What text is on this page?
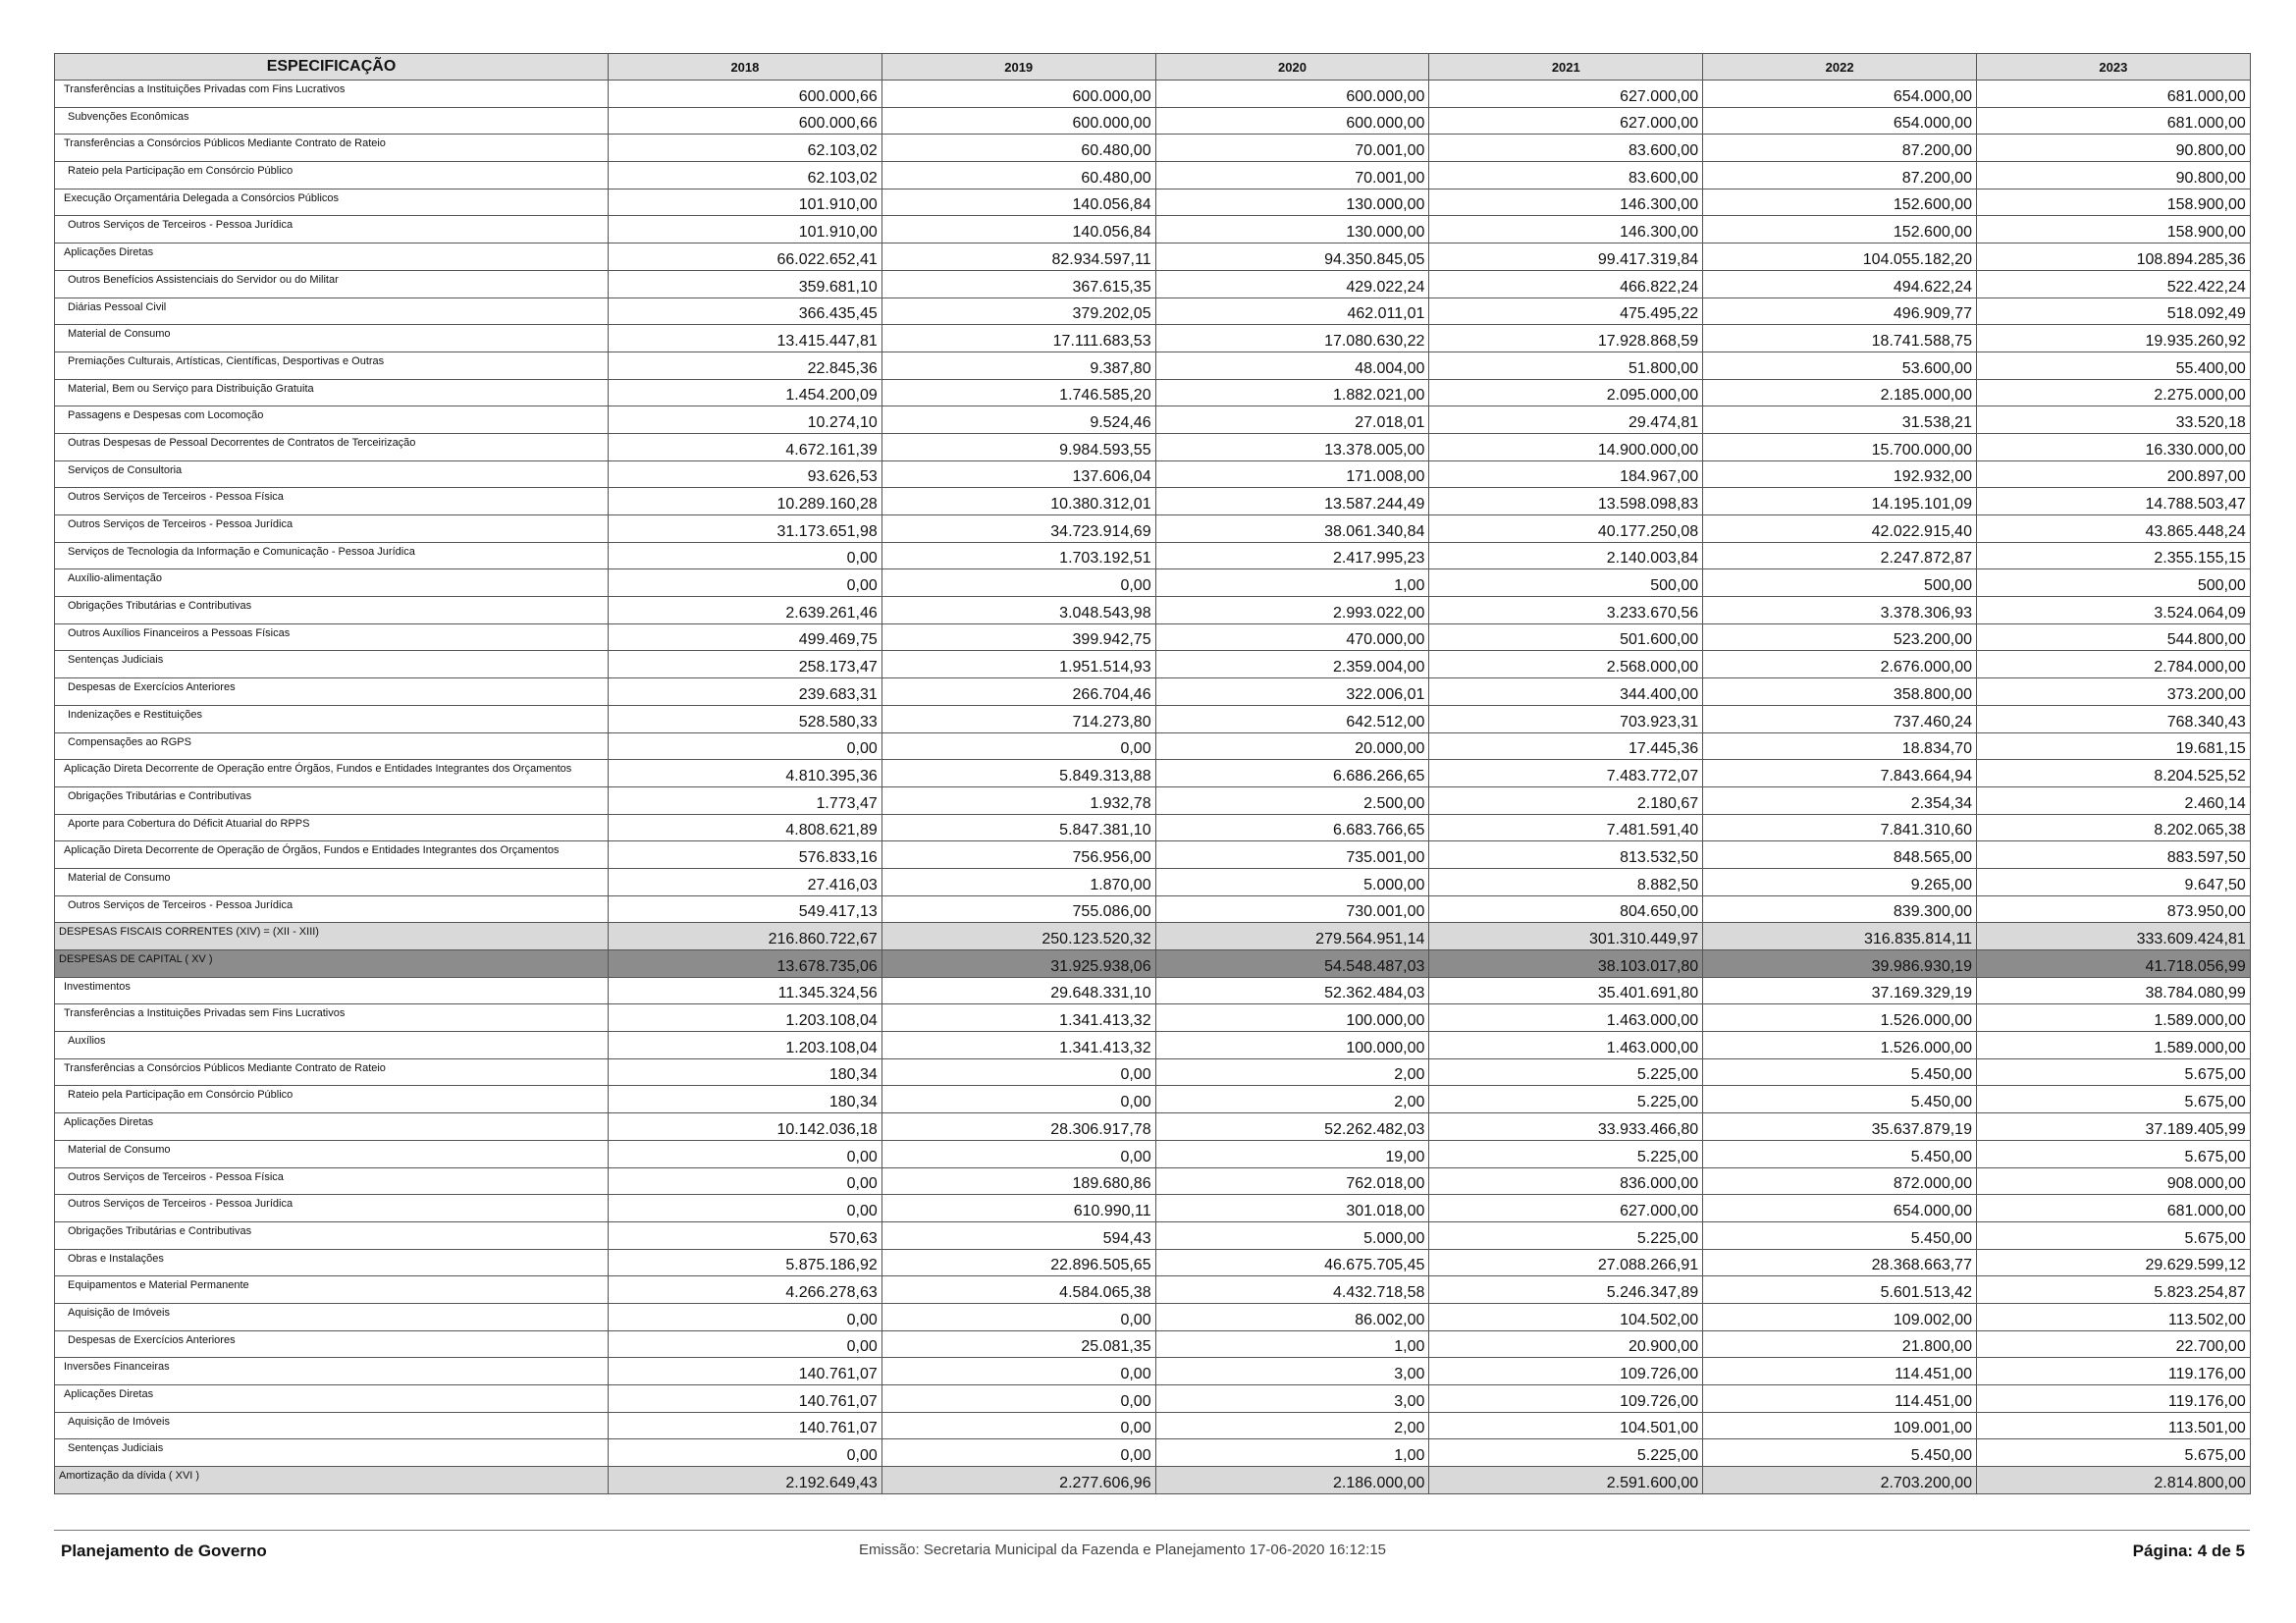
ESPECIFICAÇÃO	2018	2019	2020	2021	2022	2023
Transferências a Instituições Privadas com Fins Lucrativos	600.000,66	600.000,00	600.000,00	627.000,00	654.000,00	681.000,00
Subvenções Econômicas	600.000,66	600.000,00	600.000,00	627.000,00	654.000,00	681.000,00
Transferências a Consórcios Públicos Mediante Contrato de Rateio	62.103,02	60.480,00	70.001,00	83.600,00	87.200,00	90.800,00
Rateio pela Participação em Consórcio Público	62.103,02	60.480,00	70.001,00	83.600,00	87.200,00	90.800,00
Execução Orçamentária Delegada a Consórcios Públicos	101.910,00	140.056,84	130.000,00	146.300,00	152.600,00	158.900,00
Outros Serviços de Terceiros - Pessoa Jurídica	101.910,00	140.056,84	130.000,00	146.300,00	152.600,00	158.900,00
Aplicações Diretas	66.022.652,41	82.934.597,11	94.350.845,05	99.417.319,84	104.055.182,20	108.894.285,36
Outros Benefícios Assistenciais do Servidor ou do Militar	359.681,10	367.615,35	429.022,24	466.822,24	494.622,24	522.422,24
Diárias Pessoal Civil	366.435,45	379.202,05	462.011,01	475.495,22	496.909,77	518.092,49
Material de Consumo	13.415.447,81	17.111.683,53	17.080.630,22	17.928.868,59	18.741.588,75	19.935.260,92
Premiações Culturais, Artísticas, Científicas, Desportivas e Outras	22.845,36	9.387,80	48.004,00	51.800,00	53.600,00	55.400,00
Material, Bem ou Serviço para Distribuição Gratuita	1.454.200,09	1.746.585,20	1.882.021,00	2.095.000,00	2.185.000,00	2.275.000,00
Passagens e Despesas com Locomoção	10.274,10	9.524,46	27.018,01	29.474,81	31.538,21	33.520,18
Outras Despesas de Pessoal Decorrentes de Contratos de Terceirização	4.672.161,39	9.984.593,55	13.378.005,00	14.900.000,00	15.700.000,00	16.330.000,00
Serviços de Consultoria	93.626,53	137.606,04	171.008,00	184.967,00	192.932,00	200.897,00
Outros Serviços de Terceiros - Pessoa Física	10.289.160,28	10.380.312,01	13.587.244,49	13.598.098,83	14.195.101,09	14.788.503,47
Outros Serviços de Terceiros - Pessoa Jurídica	31.173.651,98	34.723.914,69	38.061.340,84	40.177.250,08	42.022.915,40	43.865.448,24
Serviços de Tecnologia da Informação e Comunicação - Pessoa Jurídica	0,00	1.703.192,51	2.417.995,23	2.140.003,84	2.247.872,87	2.355.155,15
Auxílio-alimentação	0,00	0,00	1,00	500,00	500,00	500,00
Obrigações Tributárias e Contributivas	2.639.261,46	3.048.543,98	2.993.022,00	3.233.670,56	3.378.306,93	3.524.064,09
Outros Auxílios Financeiros a Pessoas Físicas	499.469,75	399.942,75	470.000,00	501.600,00	523.200,00	544.800,00
Sentenças Judiciais	258.173,47	1.951.514,93	2.359.004,00	2.568.000,00	2.676.000,00	2.784.000,00
Despesas de Exercícios Anteriores	239.683,31	266.704,46	322.006,01	344.400,00	358.800,00	373.200,00
Indenizações e Restituições	528.580,33	714.273,80	642.512,00	703.923,31	737.460,24	768.340,43
Compensações ao RGPS	0,00	0,00	20.000,00	17.445,36	18.834,70	19.681,15
Aplicação Direta Decorrente de Operação entre Órgãos, Fundos e Entidades Integrantes dos Orçamentos	4.810.395,36	5.849.313,88	6.686.266,65	7.483.772,07	7.843.664,94	8.204.525,52
Obrigações Tributárias e Contributivas	1.773,47	1.932,78	2.500,00	2.180,67	2.354,34	2.460,14
Aporte para Cobertura do Déficit Atuarial do RPPS	4.808.621,89	5.847.381,10	6.683.766,65	7.481.591,40	7.841.310,60	8.202.065,38
Aplicação Direta Decorrente de Operação de Órgãos, Fundos e Entidades Integrantes dos Orçamentos	576.833,16	756.956,00	735.001,00	813.532,50	848.565,00	883.597,50
Material de Consumo	27.416,03	1.870,00	5.000,00	8.882,50	9.265,00	9.647,50
Outros Serviços de Terceiros - Pessoa Jurídica	549.417,13	755.086,00	730.001,00	804.650,00	839.300,00	873.950,00
DESPESAS FISCAIS CORRENTES (XIV) = (XII - XIII)	216.860.722,67	250.123.520,32	279.564.951,14	301.310.449,97	316.835.814,11	333.609.424,81
DESPESAS DE CAPITAL ( XV )	13.678.735,06	31.925.938,06	54.548.487,03	38.103.017,80	39.986.930,19	41.718.056,99
Investimentos	11.345.324,56	29.648.331,10	52.362.484,03	35.401.691,80	37.169.329,19	38.784.080,99
Transferências a Instituições Privadas sem Fins Lucrativos	1.203.108,04	1.341.413,32	100.000,00	1.463.000,00	1.526.000,00	1.589.000,00
Auxílios	1.203.108,04	1.341.413,32	100.000,00	1.463.000,00	1.526.000,00	1.589.000,00
Transferências a Consórcios Públicos Mediante Contrato de Rateio	180,34	0,00	2,00	5.225,00	5.450,00	5.675,00
Rateio pela Participação em Consórcio Público	180,34	0,00	2,00	5.225,00	5.450,00	5.675,00
Aplicações Diretas	10.142.036,18	28.306.917,78	52.262.482,03	33.933.466,80	35.637.879,19	37.189.405,99
Material de Consumo	0,00	0,00	19,00	5.225,00	5.450,00	5.675,00
Outros Serviços de Terceiros - Pessoa Física	0,00	189.680,86	762.018,00	836.000,00	872.000,00	908.000,00
Outros Serviços de Terceiros - Pessoa Jurídica	0,00	610.990,11	301.018,00	627.000,00	654.000,00	681.000,00
Obrigações Tributárias e Contributivas	570,63	594,43	5.000,00	5.225,00	5.450,00	5.675,00
Obras e Instalações	5.875.186,92	22.896.505,65	46.675.705,45	27.088.266,91	28.368.663,77	29.629.599,12
Equipamentos e Material Permanente	4.266.278,63	4.584.065,38	4.432.718,58	5.246.347,89	5.601.513,42	5.823.254,87
Aquisição de Imóveis	0,00	0,00	86.002,00	104.502,00	109.002,00	113.502,00
Despesas de Exercícios Anteriores	0,00	25.081,35	1,00	20.900,00	21.800,00	22.700,00
Inversões Financeiras	140.761,07	0,00	3,00	109.726,00	114.451,00	119.176,00
Aplicações Diretas	140.761,07	0,00	3,00	109.726,00	114.451,00	119.176,00
Aquisição de Imóveis	140.761,07	0,00	2,00	104.501,00	109.001,00	113.501,00
Sentenças Judiciais	0,00	0,00	1,00	5.225,00	5.450,00	5.675,00
Amortização da dívida ( XVI )	2.192.649,43	2.277.606,96	2.186.000,00	2.591.600,00	2.703.200,00	2.814.800,00
Planejamento de Governo	Emissão: Secretaria Municipal da Fazenda e Planejamento 17-06-2020 16:12:15	Página: 4 de 5
